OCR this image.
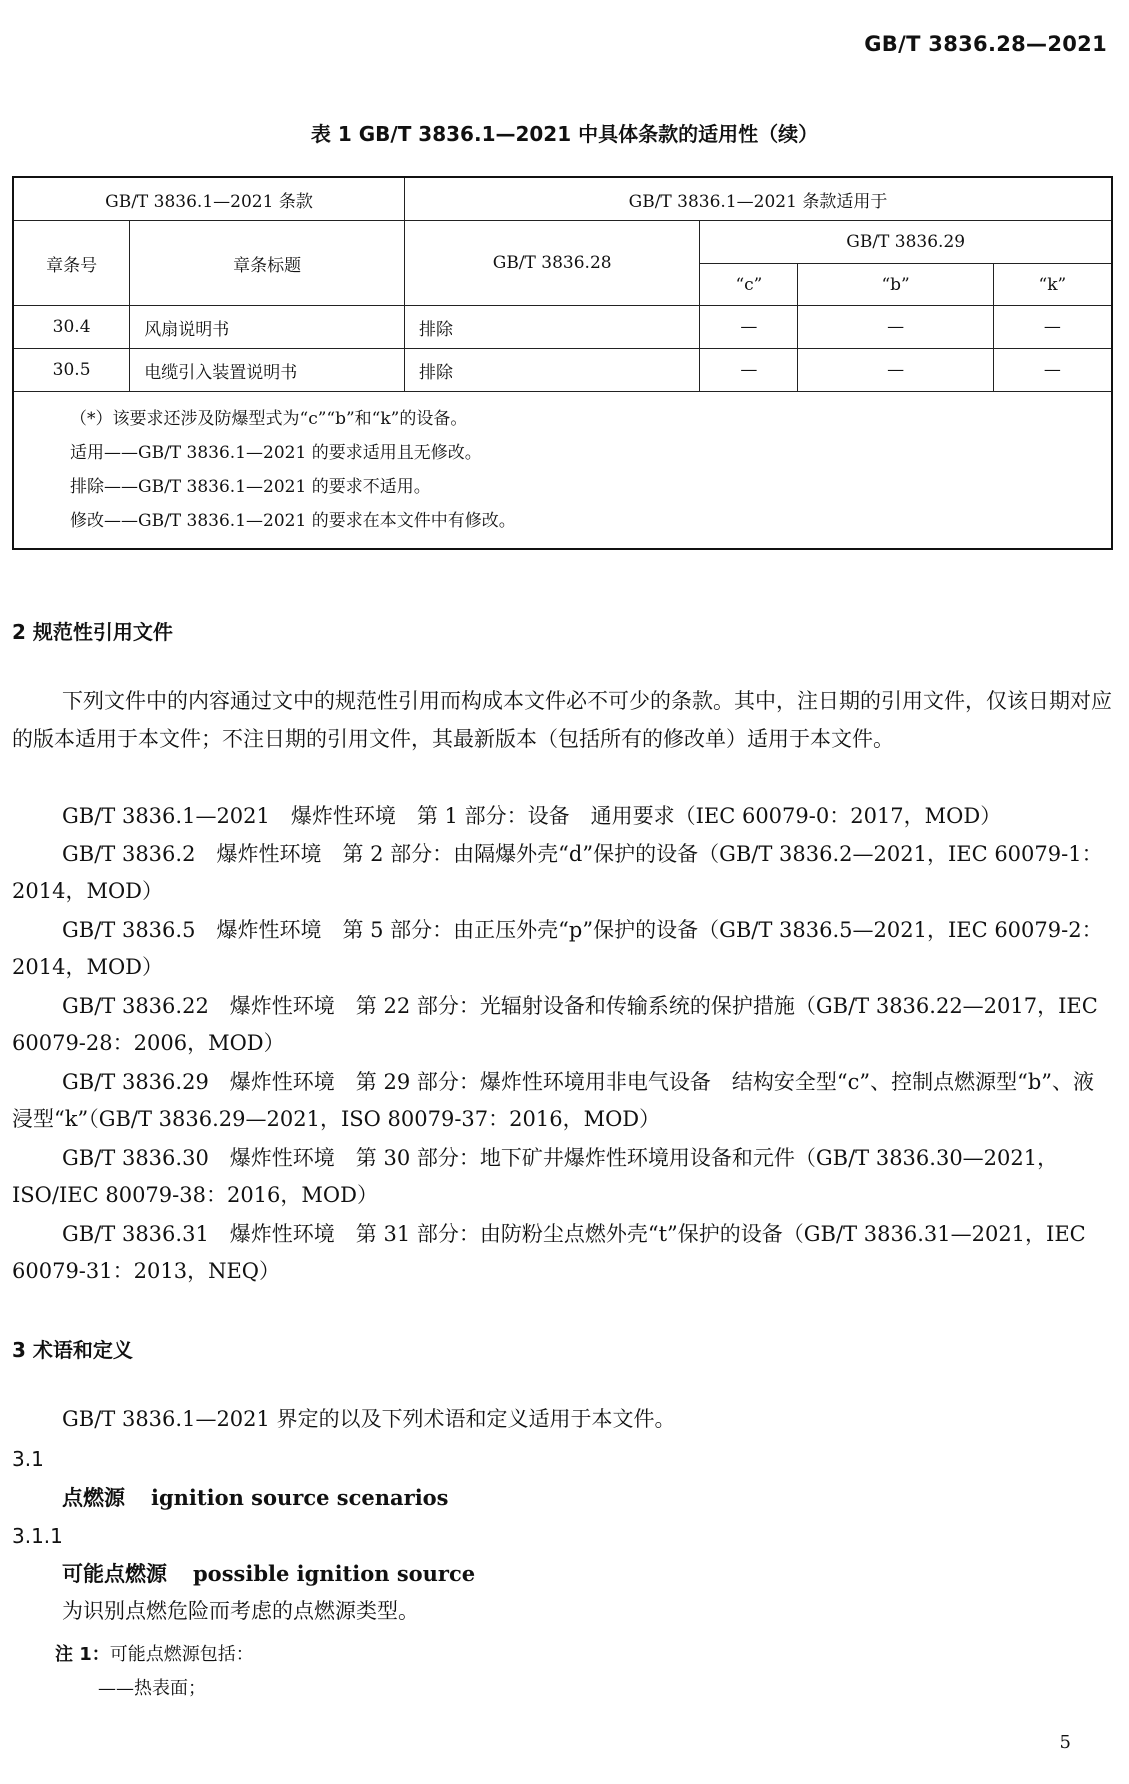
GB/T 3836.28—2021
表 1 GB/T 3836.1—2021 中具体条款的适用性（续）
GB/T 3836.1—2021 条款		GB/T 3836.1—2021 条款适用于			
章条号	章条标题	GB/T 3836.28	GB/T 3836.29		
			“c”	“b”	“k”
30.4	风扇说明书	排除	—	—	—
30.5	电缆引入装置说明书	排除	—	—	—

（*）该要求还涉及防爆型式为“c”“b”和“k”的设备。
适用——GB/T 3836.1—2021 的要求适用且无修改。
排除——GB/T 3836.1—2021 的要求不适用。
修改——GB/T 3836.1—2021 的要求在本文件中有修改。					
2 规范性引用文件
下列文件中的内容通过文中的规范性引用而构成本文件必不可少的条款。其中，注日期的引用文件，仅该日期对应的版本适用于本文件；不注日期的引用文件，其最新版本（包括所有的修改单）适用于本文件。
GB/T 3836.1—2021　爆炸性环境　第 1 部分：设备　通用要求（IEC 60079-0：2017，MOD）
GB/T 3836.2　爆炸性环境　第 2 部分：由隔爆外壳“d”保护的设备（GB/T 3836.2—2021，IEC 60079-1：2014，MOD）
GB/T 3836.5　爆炸性环境　第 5 部分：由正压外壳“p”保护的设备（GB/T 3836.5—2021，IEC 60079-2：2014，MOD）
GB/T 3836.22　爆炸性环境　第 22 部分：光辐射设备和传输系统的保护措施（GB/T 3836.22—2017，IEC 60079-28：2006，MOD）
GB/T 3836.29　爆炸性环境　第 29 部分：爆炸性环境用非电气设备　结构安全型“c”、控制点燃源型“b”、液浸型“k”（GB/T 3836.29—2021，ISO 80079-37：2016，MOD）
GB/T 3836.30　爆炸性环境　第 30 部分：地下矿井爆炸性环境用设备和元件（GB/T 3836.30—2021，ISO/IEC 80079-38：2016，MOD）
GB/T 3836.31　爆炸性环境　第 31 部分：由防粉尘点燃外壳“t”保护的设备（GB/T 3836.31—2021，IEC 60079-31：2013，NEQ）
3 术语和定义
GB/T 3836.1—2021 界定的以及下列术语和定义适用于本文件。
3.1
点燃源 ignition source scenarios
3.1.1
可能点燃源 possible ignition source
为识别点燃危险而考虑的点燃源类型。
注 1：可能点燃源包括：
——热表面；
5
